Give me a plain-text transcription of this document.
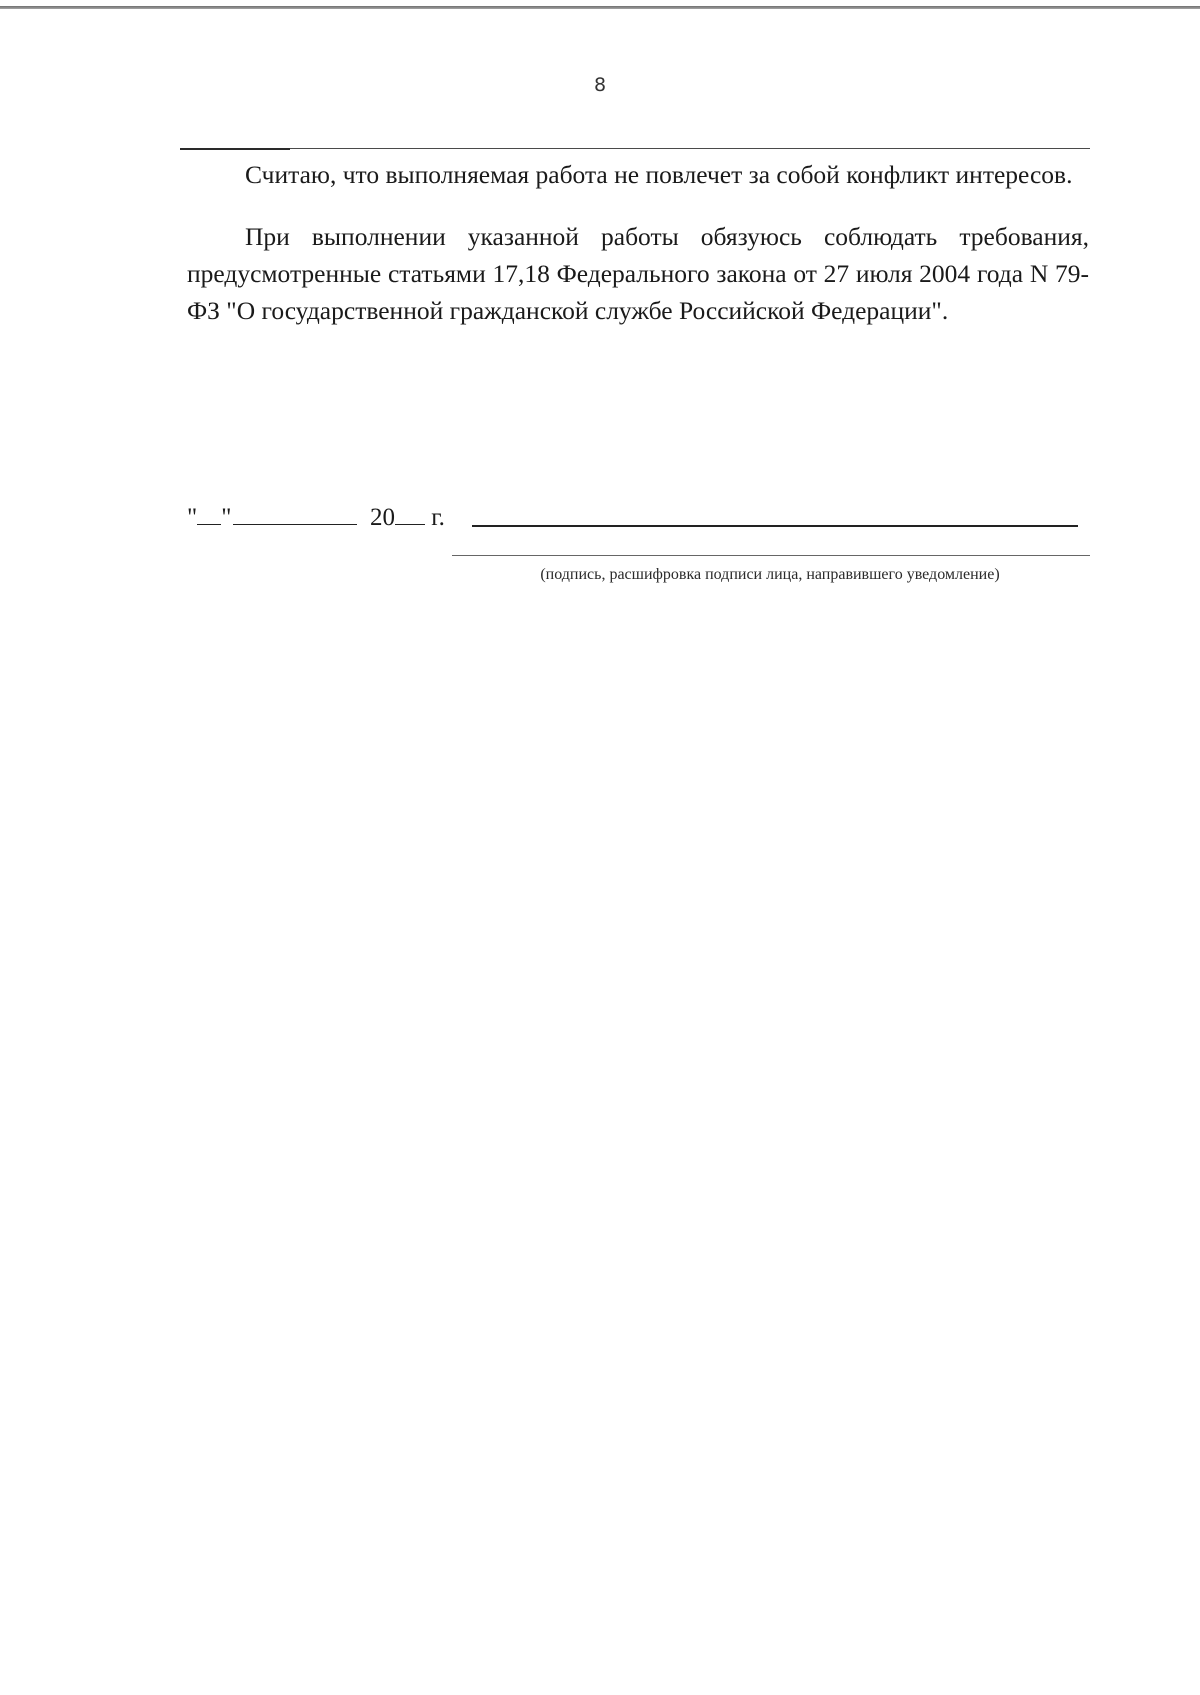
8

Считаю, что выполняемая работа не повлечет за собой конфликт интересов.

При выполнении указанной работы обязуюсь соблюдать требования, предусмотренные статьями 17,18 Федерального закона от 27 июля 2004 года N 79-ФЗ "О государственной гражданской службе Российской Федерации".

" "	20 г.
(подпись, расшифровка подписи лица, направившего уведомление)
